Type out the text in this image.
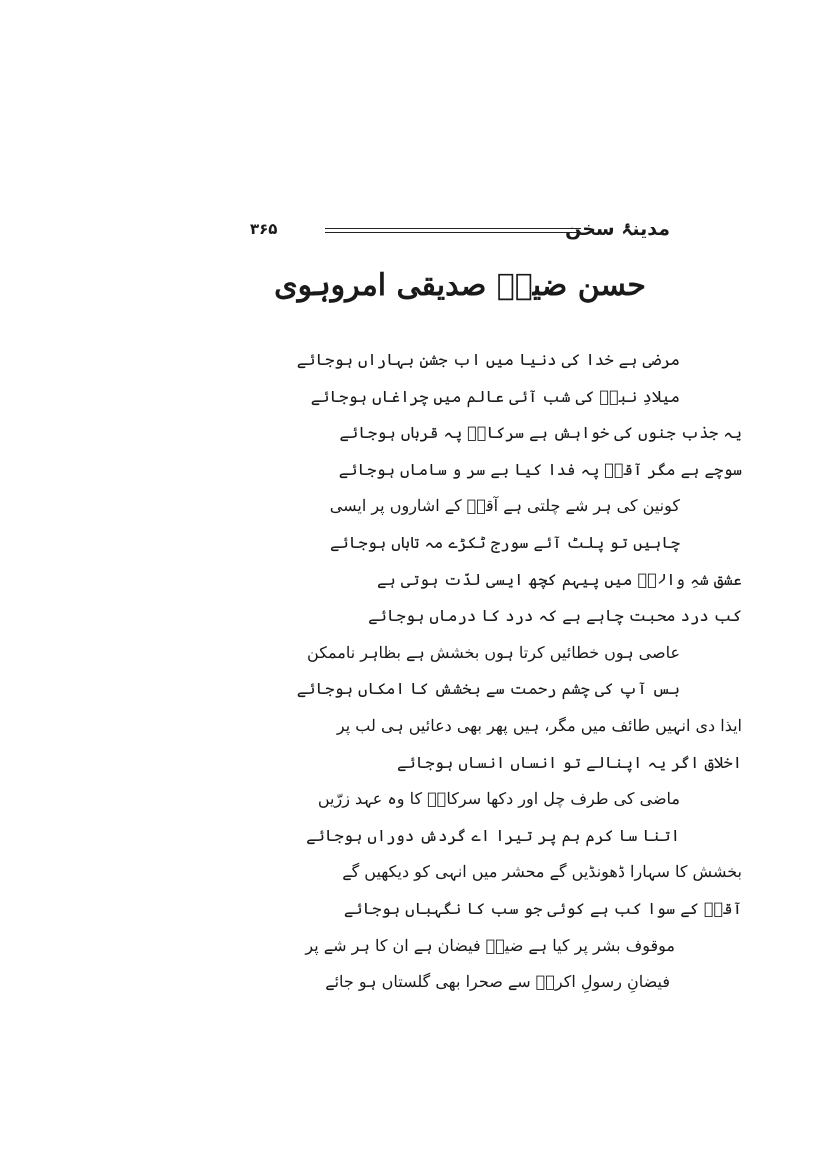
مدینۂ سخن
۳۶۵
حسن ضیاؔ صدیقی امروہوی
مرضی ہے خدا کی دنیا میں اب جشن بہاراں ہوجائے
میلادِ نبیؐ کی شب آئی عالم میں چراغاں ہوجائے
یہ جذب جنوں کی خواہش ہے سرکارؐ پہ قرباں ہوجائے
سوچے ہے مگر آقاؐ پہ فدا کیا بے سر و ساماں ہوجائے
کونین کی ہر شے چلتی ہے آقاؐ کے اشاروں پر ایسی
چاہیں تو پلٹ آئے سورج ٹکڑے مہ تاباں ہوجائے
عشق شہِ والاؐ میں پیہم کچھ ایسی لذّت ہوتی ہے
کب درد محبت چاہے ہے کہ درد کا درماں ہوجائے
عاصی ہوں خطائیں کرتا ہوں بخشش ہے بظاہر ناممکن
بس آپ کی چشم رحمت سے بخشش کا امکاں ہوجائے
ایذا دی انہیں طائف میں مگر، ہیں پھر بھی دعائیں ہی لب پر
اخلاق اگر یہ اپنالے تو انساں انساں ہوجائے
ماضی کی طرف چل اور دکھا سرکارؐ کا وہ عہد زرّیں
اتنا سا کرم ہم پر تیرا اے گردش دوراں ہوجائے
بخشش کا سہارا ڈھونڈیں گے محشر میں انہی کو دیکھیں گے
آقاؐ کے سوا کب ہے کوئی جو سب کا نگہباں ہوجائے
موقوف بشر پر کیا ہے ضیاؔ فیضان ہے ان کا ہر شے پر
فیضانِ رسولِ اکرمؐ سے صحرا بھی گلستاں ہو جائے
